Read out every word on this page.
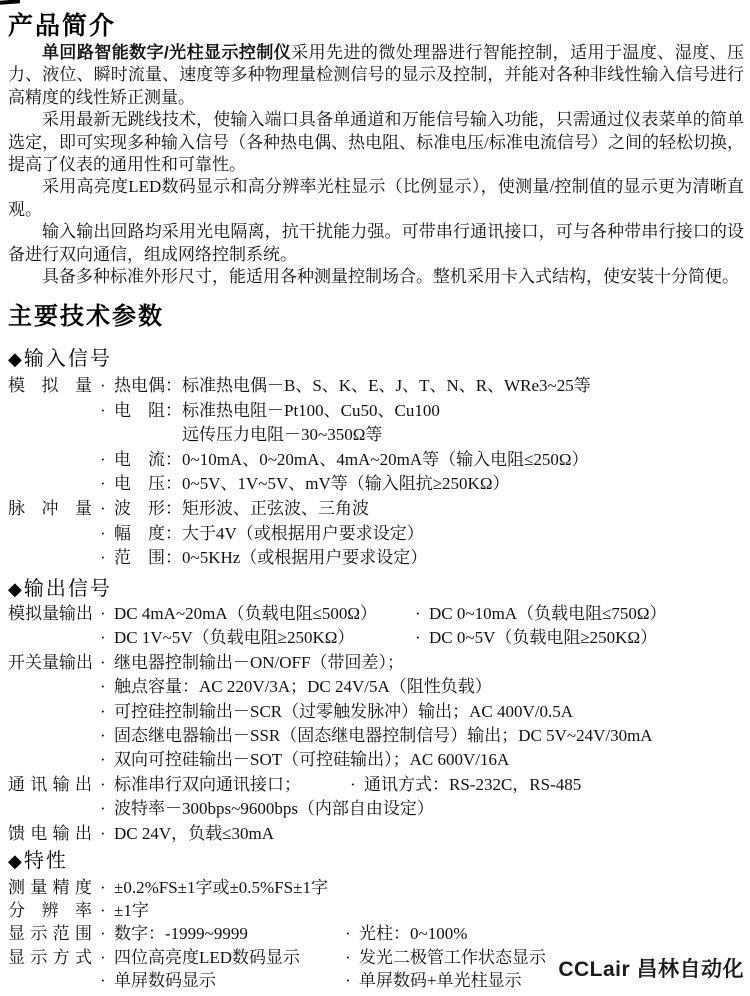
产品简介

单回路智能数字/光柱显示控制仪采用先进的微处理器进行智能控制，适用于温度、湿度、压力、液位、瞬时流量、速度等多种物理量检测信号的显示及控制，并能对各种非线性输入信号进行高精度的线性矫正测量。

采用最新无跳线技术，使输入端口具备单通道和万能信号输入功能，只需通过仪表菜单的简单选定，即可实现多种输入信号（各种热电偶、热电阻、标准电压/标准电流信号）之间的轻松切换，提高了仪表的通用性和可靠性。

采用高亮度LED数码显示和高分辨率光柱显示（比例显示），使测量/控制值的显示更为清晰直观。

输入输出回路均采用光电隔离，抗干扰能力强。可带串行通讯接口，可与各种带串行接口的设备进行双向通信，组成网络控制系统。

具备多种标准外形尺寸，能适用各种测量控制场合。整机采用卡入式结构，使安装十分简便。

主要技术参数
◆ 输入信号
模 拟 量 · 热电偶：标准热电偶－B、S、K、E、J、T、N、R、WRe3~25等
· 电　阻：标准热电阻－Pt100、Cu50、Cu100
远传压力电阻－30~350Ω等
· 电　流：0~10mA、0~20mA、4mA~20mA等（输入电阻≤250Ω）
· 电　压：0~5V、1V~5V、mV等（输入阻抗≥250KΩ）
脉 冲 量 · 波　形：矩形波、正弦波、三角波
· 幅　度：大于4V（或根据用户要求设定）
· 范　围：0~5KHz（或根据用户要求设定）
◆ 输出信号
模拟量输出 · DC 4mA~20mA（负载电阻≤500Ω） · DC 0~10mA（负载电阻≤750Ω）
· DC 1V~5V（负载电阻≥250KΩ）	· DC 0~5V（负载电阻≥250KΩ）
开关量输出 · 继电器控制输出－ON/OFF（带回差）；
· 触点容量：AC 220V/3A；DC 24V/5A（阻性负载）
· 可控硅控制输出－SCR（过零触发脉冲）输出；AC 400V/0.5A
· 固态继电器输出－SSR（固态继电器控制信号）输出；DC 5V~24V/30mA
· 双向可控硅输出－SOT（可控硅输出）；AC 600V/16A
通 讯 输 出 · 标准串行双向通讯接口；	· 通讯方式：RS-232C，RS-485
· 波特率－300bps~9600bps（内部自由设定）
馈 电 输 出 · DC 24V，负载≤30mA
◆ 特性
测 量 精 度 · ±0.2%FS±1字或±0.5%FS±1字
分 辨 率 · ±1字
显 示 范 围 · 数字：-1999~9999	· 光柱：0~100%
显 示 方 式 · 四位高亮度LED数码显示	· 发光二极管工作状态显示
· 单屏数码显示	· 单屏数码+单光柱显示 CCLair 昌林自动化
